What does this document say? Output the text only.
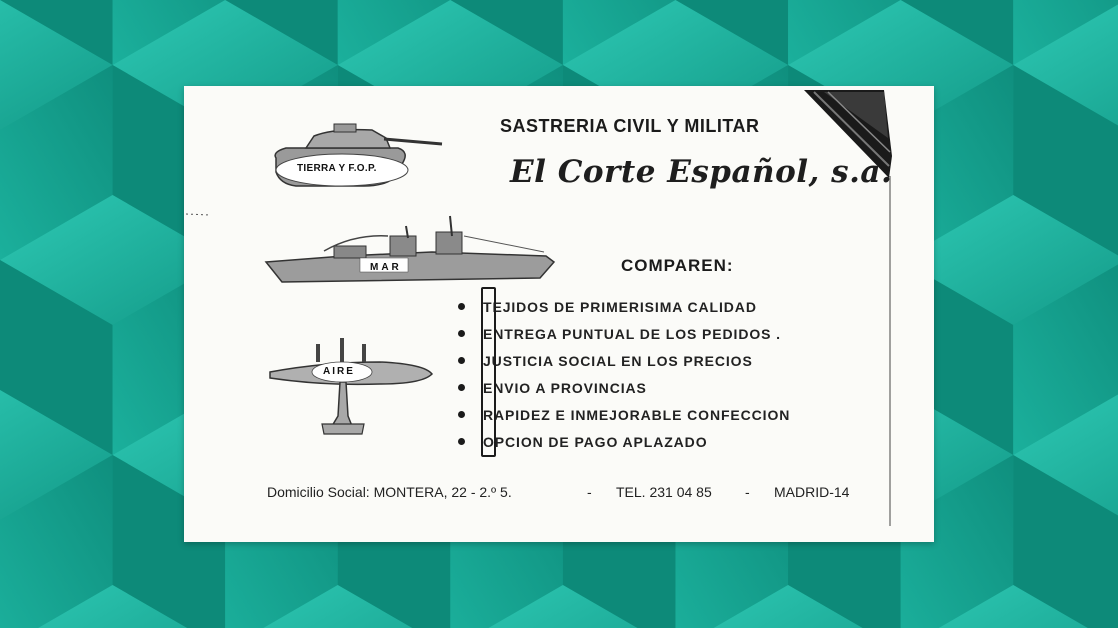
TIERRA Y F.O.P.
MAR
AIRE
SASTRERIA CIVIL Y MILITAR
El Corte Español, s.a.
COMPAREN:
TEJIDOS DE PRIMERISIMA CALIDAD
ENTREGA PUNTUAL DE LOS PEDIDOS .
JUSTICIA SOCIAL EN LOS PRECIOS
ENVIO A PROVINCIAS
RAPIDEZ E INMEJORABLE CONFECCION
OPCION DE PAGO APLAZADO
Domicilio Social: MONTERA, 22 - 2.º 5.	- TEL. 231 04 85 - MADRID-14
